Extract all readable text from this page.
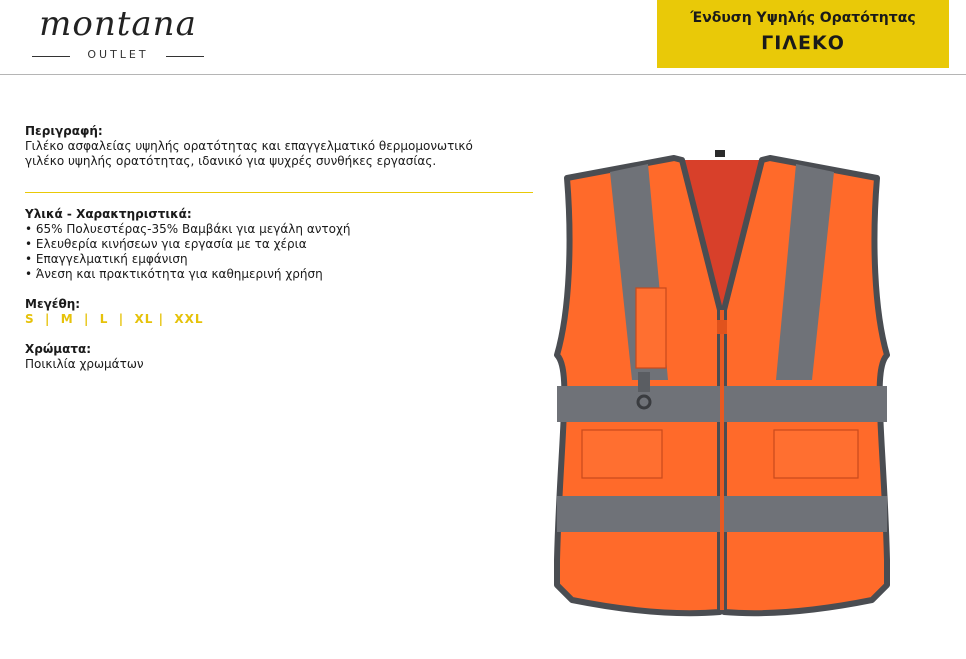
montana
OUTLET
Ένδυση Υψηλής Ορατότητας
ΓΙΛΕΚΟ
Περιγραφή:

Γιλέκο ασφαλείας υψηλής ορατότητας και επαγγελματικό θερμομονωτικό

γιλέκο υψηλής ορατότητας, ιδανικό για ψυχρές συνθήκες εργασίας.

Υλικά - Χαρακτηριστικά:
• 65% Πολυεστέρας-35% Βαμβάκι για μεγάλη αντοχή
• Ελευθερία κινήσεων για εργασία με τα χέρια
• Επαγγελματική εμφάνιση
• Άνεση και πρακτικότητα για καθημερινή χρήση
Μεγέθη:
S  |  M  |  L  |  XL |  XXL
Χρώματα:
Ποικιλία χρωμάτων
